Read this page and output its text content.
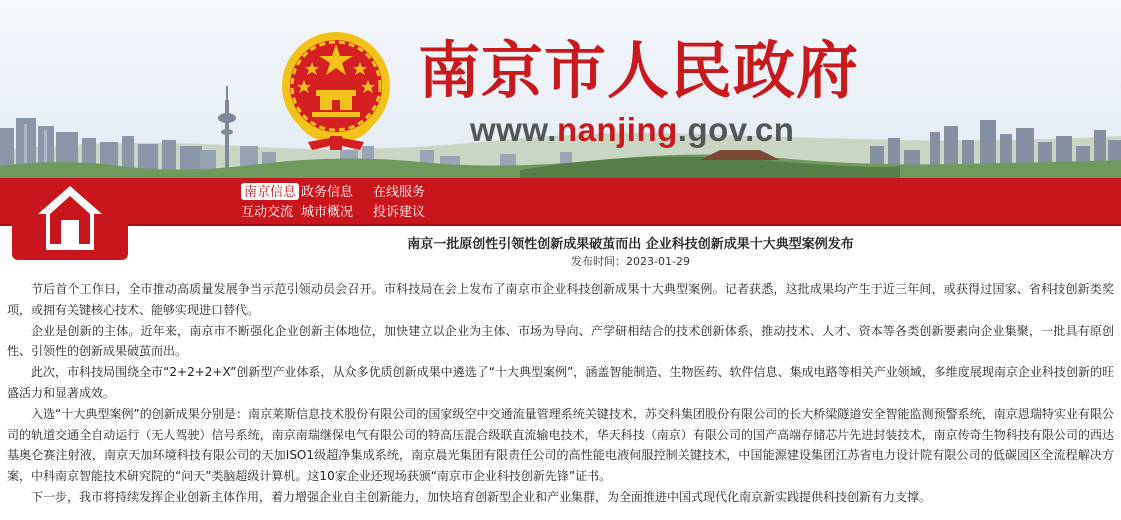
南京市人民政府
www.nanjing.gov.cn
南京信息 政务信息	在线服务
互动交流 城市概况	投诉建议
南京一批原创性引领性创新成果破茧而出 企业科技创新成果十大典型案例发布
发布时间：2023-01-29

节后首个工作日，全市推动高质量发展争当示范引领动员会召开。市科技局在会上发布了南京市企业科技创新成果十大典型案例。记者获悉，这批成果均产生于近三年间，或获得过国家、省科技创新类奖项，或拥有关键核心技术、能够实现进口替代。

企业是创新的主体。近年来，南京市不断强化企业创新主体地位，加快建立以企业为主体、市场为导向、产学研相结合的技术创新体系，推动技术、人才、资本等各类创新要素向企业集聚，一批具有原创性、引领性的创新成果破茧而出。

此次，市科技局围绕全市“2+2+2+X”创新型产业体系，从众多优质创新成果中遴选了“十大典型案例”，涵盖智能制造、生物医药、软件信息、集成电路等相关产业领域，多维度展现南京企业科技创新的旺盛活力和显著成效。

入选“十大典型案例”的创新成果分别是：南京莱斯信息技术股份有限公司的国家级空中交通流量管理系统关键技术，苏交科集团股份有限公司的长大桥梁隧道安全智能监测预警系统，南京恩瑞特实业有限公司的轨道交通全自动运行（无人驾驶）信号系统，南京南瑞继保电气有限公司的特高压混合级联直流输电技术，华天科技（南京）有限公司的国产高端存储芯片先进封装技术，南京传奇生物科技有限公司的西达基奥仑赛注射液，南京天加环境科技有限公司的天加ISO1级超净集成系统，南京晨光集团有限责任公司的高性能电液伺服控制关键技术，中国能源建设集团江苏省电力设计院有限公司的低碳园区全流程解决方案，中科南京智能技术研究院的“问天”类脑超级计算机。这10家企业还现场获颁“南京市企业科技创新先锋”证书。

下一步，我市将持续发挥企业创新主体作用，着力增强企业自主创新能力，加快培育创新型企业和产业集群，为全面推进中国式现代化南京新实践提供科技创新有力支撑。
